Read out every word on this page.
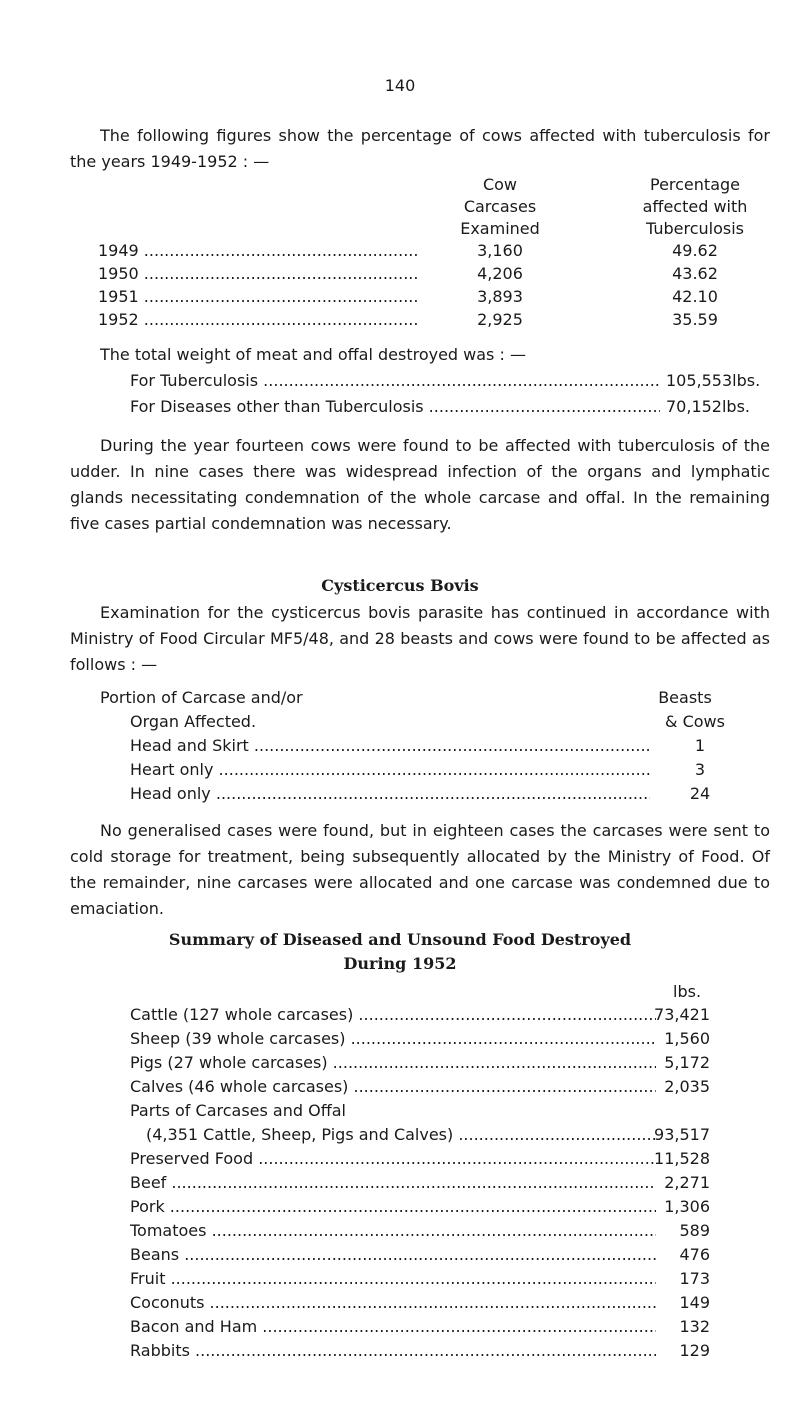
140
The following figures show the percentage of cows affected with tuberculosis for the years 1949-1952 : —
Cow
Carcases
Examined
Percentage
affected with
Tuberculosis
1949 .....	3,160	49.62
1950 .....	4,206	43.62
1951 .....	3,893	42.10
1952 .....	2,925	35.59
The total weight of meat and offal destroyed was : —
For Tuberculosis .....	105,553lbs.
For Diseases other than Tuberculosis .....	70,152lbs.
During the year fourteen cows were found to be affected with tuberculosis of the udder. In nine cases there was widespread infection of the organs and lymphatic glands necessitating condemnation of the whole carcase and offal. In the remaining five cases partial condemnation was necessary.
Cysticercus Bovis
Examination for the cysticercus bovis parasite has continued in accordance with Ministry of Food Circular MF5/48, and 28 beasts and cows were found to be affected as follows : —
Portion of Carcase and/or
Organ Affected.
Beasts
& Cows
Head and Skirt .....	1
Heart only .....	3
Head only .....	24
No generalised cases were found, but in eighteen cases the carcases were sent to cold storage for treatment, being subsequently allocated by the Ministry of Food. Of the remainder, nine carcases were allocated and one carcase was condemned due to emaciation.
Summary of Diseased and Unsound Food Destroyed
During 1952
lbs.
Cattle (127 whole carcases) .....	73,421
Sheep (39 whole carcases) .....	1,560
Pigs (27 whole carcases) .....	5,172
Calves (46 whole carcases) .....	2,035
Parts of Carcases and Offal
(4,351 Cattle, Sheep, Pigs and Calves) .....	93,517
Preserved Food .....	11,528
Beef .....	2,271
Pork .....	1,306
Tomatoes .....	589
Beans .....	476
Fruit .....	173
Coconuts .....	149
Bacon and Ham .....	132
Rabbits .....	129
